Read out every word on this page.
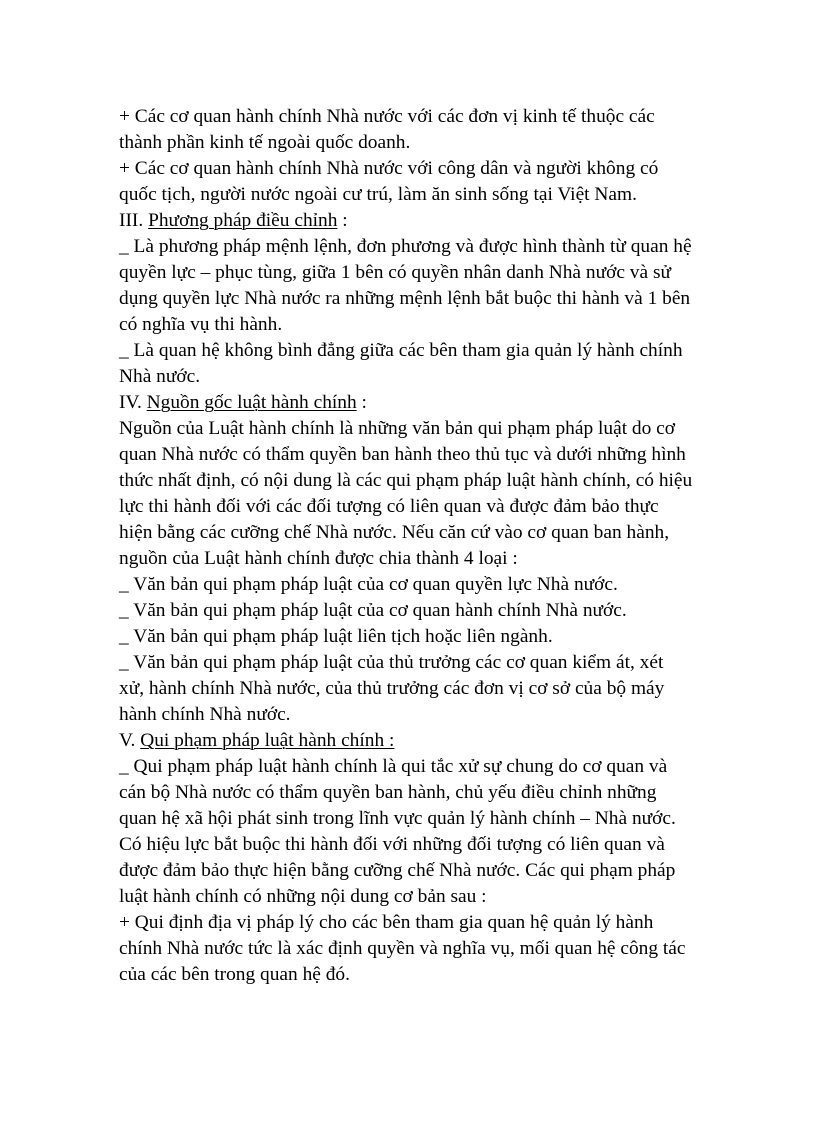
+ Các cơ quan hành chính Nhà nước với các đơn vị kinh tế thuộc các
thành phần kinh tế ngoài quốc doanh.
+ Các cơ quan hành chính Nhà nước với công dân và người không có
quốc tịch, người nước ngoài cư trú, làm ăn sinh sống tại Việt Nam.
III. Phương pháp điều chỉnh :
_ Là phương pháp mệnh lệnh, đơn phương và được hình thành từ quan hệ
quyền lực – phục tùng, giữa 1 bên có quyền nhân danh Nhà nước và sử
dụng quyền lực Nhà nước ra những mệnh lệnh bắt buộc thi hành và 1 bên
có nghĩa vụ thi hành.
_ Là quan hệ không bình đẳng giữa các bên tham gia quản lý hành chính
Nhà nước.
IV. Nguồn gốc luật hành chính :
Nguồn của Luật hành chính là những văn bản qui phạm pháp luật do cơ
quan Nhà nước có thẩm quyền ban hành theo thủ tục và dưới những hình
thức nhất định, có nội dung là các qui phạm pháp luật hành chính, có hiệu
lực thi hành đối với các đối tượng có liên quan và được đảm bảo thực
hiện bằng các cưỡng chế Nhà nước. Nếu căn cứ vào cơ quan ban hành,
nguồn của Luật hành chính được chia thành 4 loại :
_ Văn bản qui phạm pháp luật của cơ quan quyền lực Nhà nước.
_ Văn bản qui phạm pháp luật của cơ quan hành chính Nhà nước.
_ Văn bản qui phạm pháp luật liên tịch hoặc liên ngành.
_ Văn bản qui phạm pháp luật của thủ trưởng các cơ quan kiểm át, xét
xử, hành chính Nhà nước, của thủ trưởng các đơn vị cơ sở của bộ máy
hành chính Nhà nước.
V. Qui phạm pháp luật hành chính :
_ Qui phạm pháp luật hành chính là qui tắc xử sự chung do cơ quan và
cán bộ Nhà nước có thẩm quyền ban hành, chủ yếu điều chỉnh những
quan hệ xã hội phát sinh trong lĩnh vực quản lý hành chính – Nhà nước.
Có hiệu lực bắt buộc thi hành đối với những đối tượng có liên quan và
được đảm bảo thực hiện bằng cưỡng chế Nhà nước. Các qui phạm pháp
luật hành chính có những nội dung cơ bản sau :
+ Qui định địa vị pháp lý cho các bên tham gia quan hệ quản lý hành
chính Nhà nước tức là xác định quyền và nghĩa vụ, mối quan hệ công tác
của các bên trong quan hệ đó.
